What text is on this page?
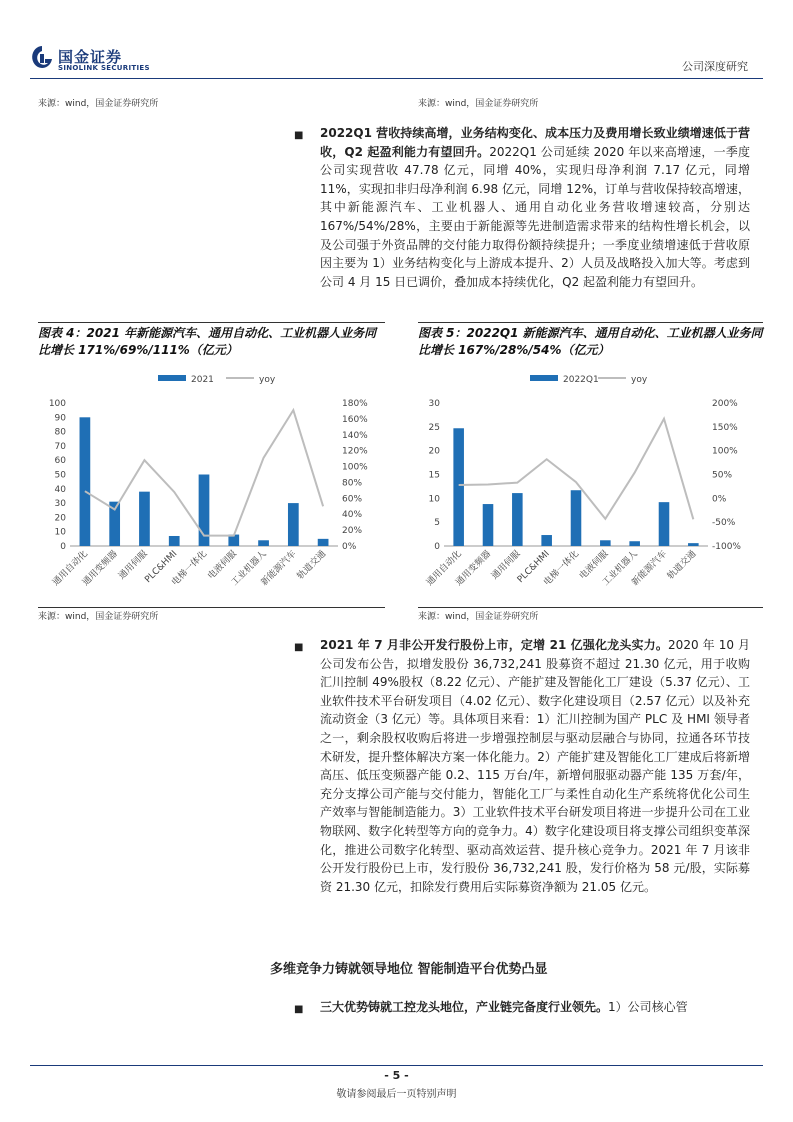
国金证券
SINOLINK SECURITIES	公司深度研究
来源：wind，国金证券研究所	来源：wind，国金证券研究所
■ 2022Q1 营收持续高增，业务结构变化、成本压力及费用增长致业绩增速低于营收，Q2 起盈利能力有望回升。2022Q1 公司延续 2020 年以来高增速，一季度公司实现营收 47.78 亿元，同增 40%，实现归母净利润 7.17 亿元，同增 11%，实现扣非归母净利润 6.98 亿元，同增 12%，订单与营收保持较高增速，其中新能源汽车、工业机器人、通用自动化业务营收增速较高，分别达 167%/54%/28%，主要由于新能源等先进制造需求带来的结构性增长机会，以及公司强于外资品牌的交付能力取得份额持续提升；一季度业绩增速低于营收原因主要为 1）业务结构变化与上游成本提升、2）人员及战略投入加大等。考虑到公司 4 月 15 日已调价，叠加成本持续优化，Q2 起盈利能力有望回升。
图表 4：2021 年新能源汽车、通用自动化、工业机器人业务同比增长 171%/69%/111%（亿元）
图表 5：2022Q1 新能源汽车、通用自动化、工业机器人业务同比增长 167%/28%/54%（亿元）
2021	yoy
0
10
20
30
40
50
60
70
80
90
100
0%
20%
40%
60%
80%
100%
120%
140%
160%
180%
通用自动化
通用变频器
通用伺服
PLC&HMI
电梯一体化
电液伺服
工业机器人
新能源汽车
轨道交通
2022Q1	yoy
0
5
10
15
20
25
30
-100%
-50%
0%
50%
100%
150%
200%
通用自动化
通用变频器
通用伺服
PLC&HMI
电梯一体化
电液伺服
工业机器人
新能源汽车
轨道交通
来源：wind，国金证券研究所	来源：wind，国金证券研究所
■ 2021 年 7 月非公开发行股份上市，定增 21 亿强化龙头实力。2020 年 10 月公司发布公告，拟增发股份 36,732,241 股募资不超过 21.30 亿元，用于收购汇川控制 49%股权（8.22 亿元）、产能扩建及智能化工厂建设（5.37 亿元）、工业软件技术平台研发项目（4.02 亿元）、数字化建设项目（2.57 亿元）以及补充流动资金（3 亿元）等。具体项目来看：1）汇川控制为国产 PLC 及 HMI 领导者之一，剩余股权收购后将进一步增强控制层与驱动层融合与协同，拉通各环节技术研发，提升整体解决方案一体化能力。2）产能扩建及智能化工厂建成后将新增高压、低压变频器产能 0.2、115 万台/年，新增伺服驱动器产能 135 万套/年，充分支撑公司产能与交付能力，智能化工厂与柔性自动化生产系统将优化公司生产效率与智能制造能力。3）工业软件技术平台研发项目将进一步提升公司在工业物联网、数字化转型等方向的竞争力。4）数字化建设项目将支撑公司组织变革深化，推进公司数字化转型、驱动高效运营、提升核心竞争力。2021 年 7 月该非公开发行股份已上市，发行股份 36,732,241 股，发行价格为 58 元/股，实际募资 21.30 亿元，扣除发行费用后实际募资净额为 21.05 亿元。
多维竞争力铸就领导地位 智能制造平台优势凸显
■ 三大优势铸就工控龙头地位，产业链完备度行业领先。1）公司核心管
- 5 -
敬请参阅最后一页特别声明
